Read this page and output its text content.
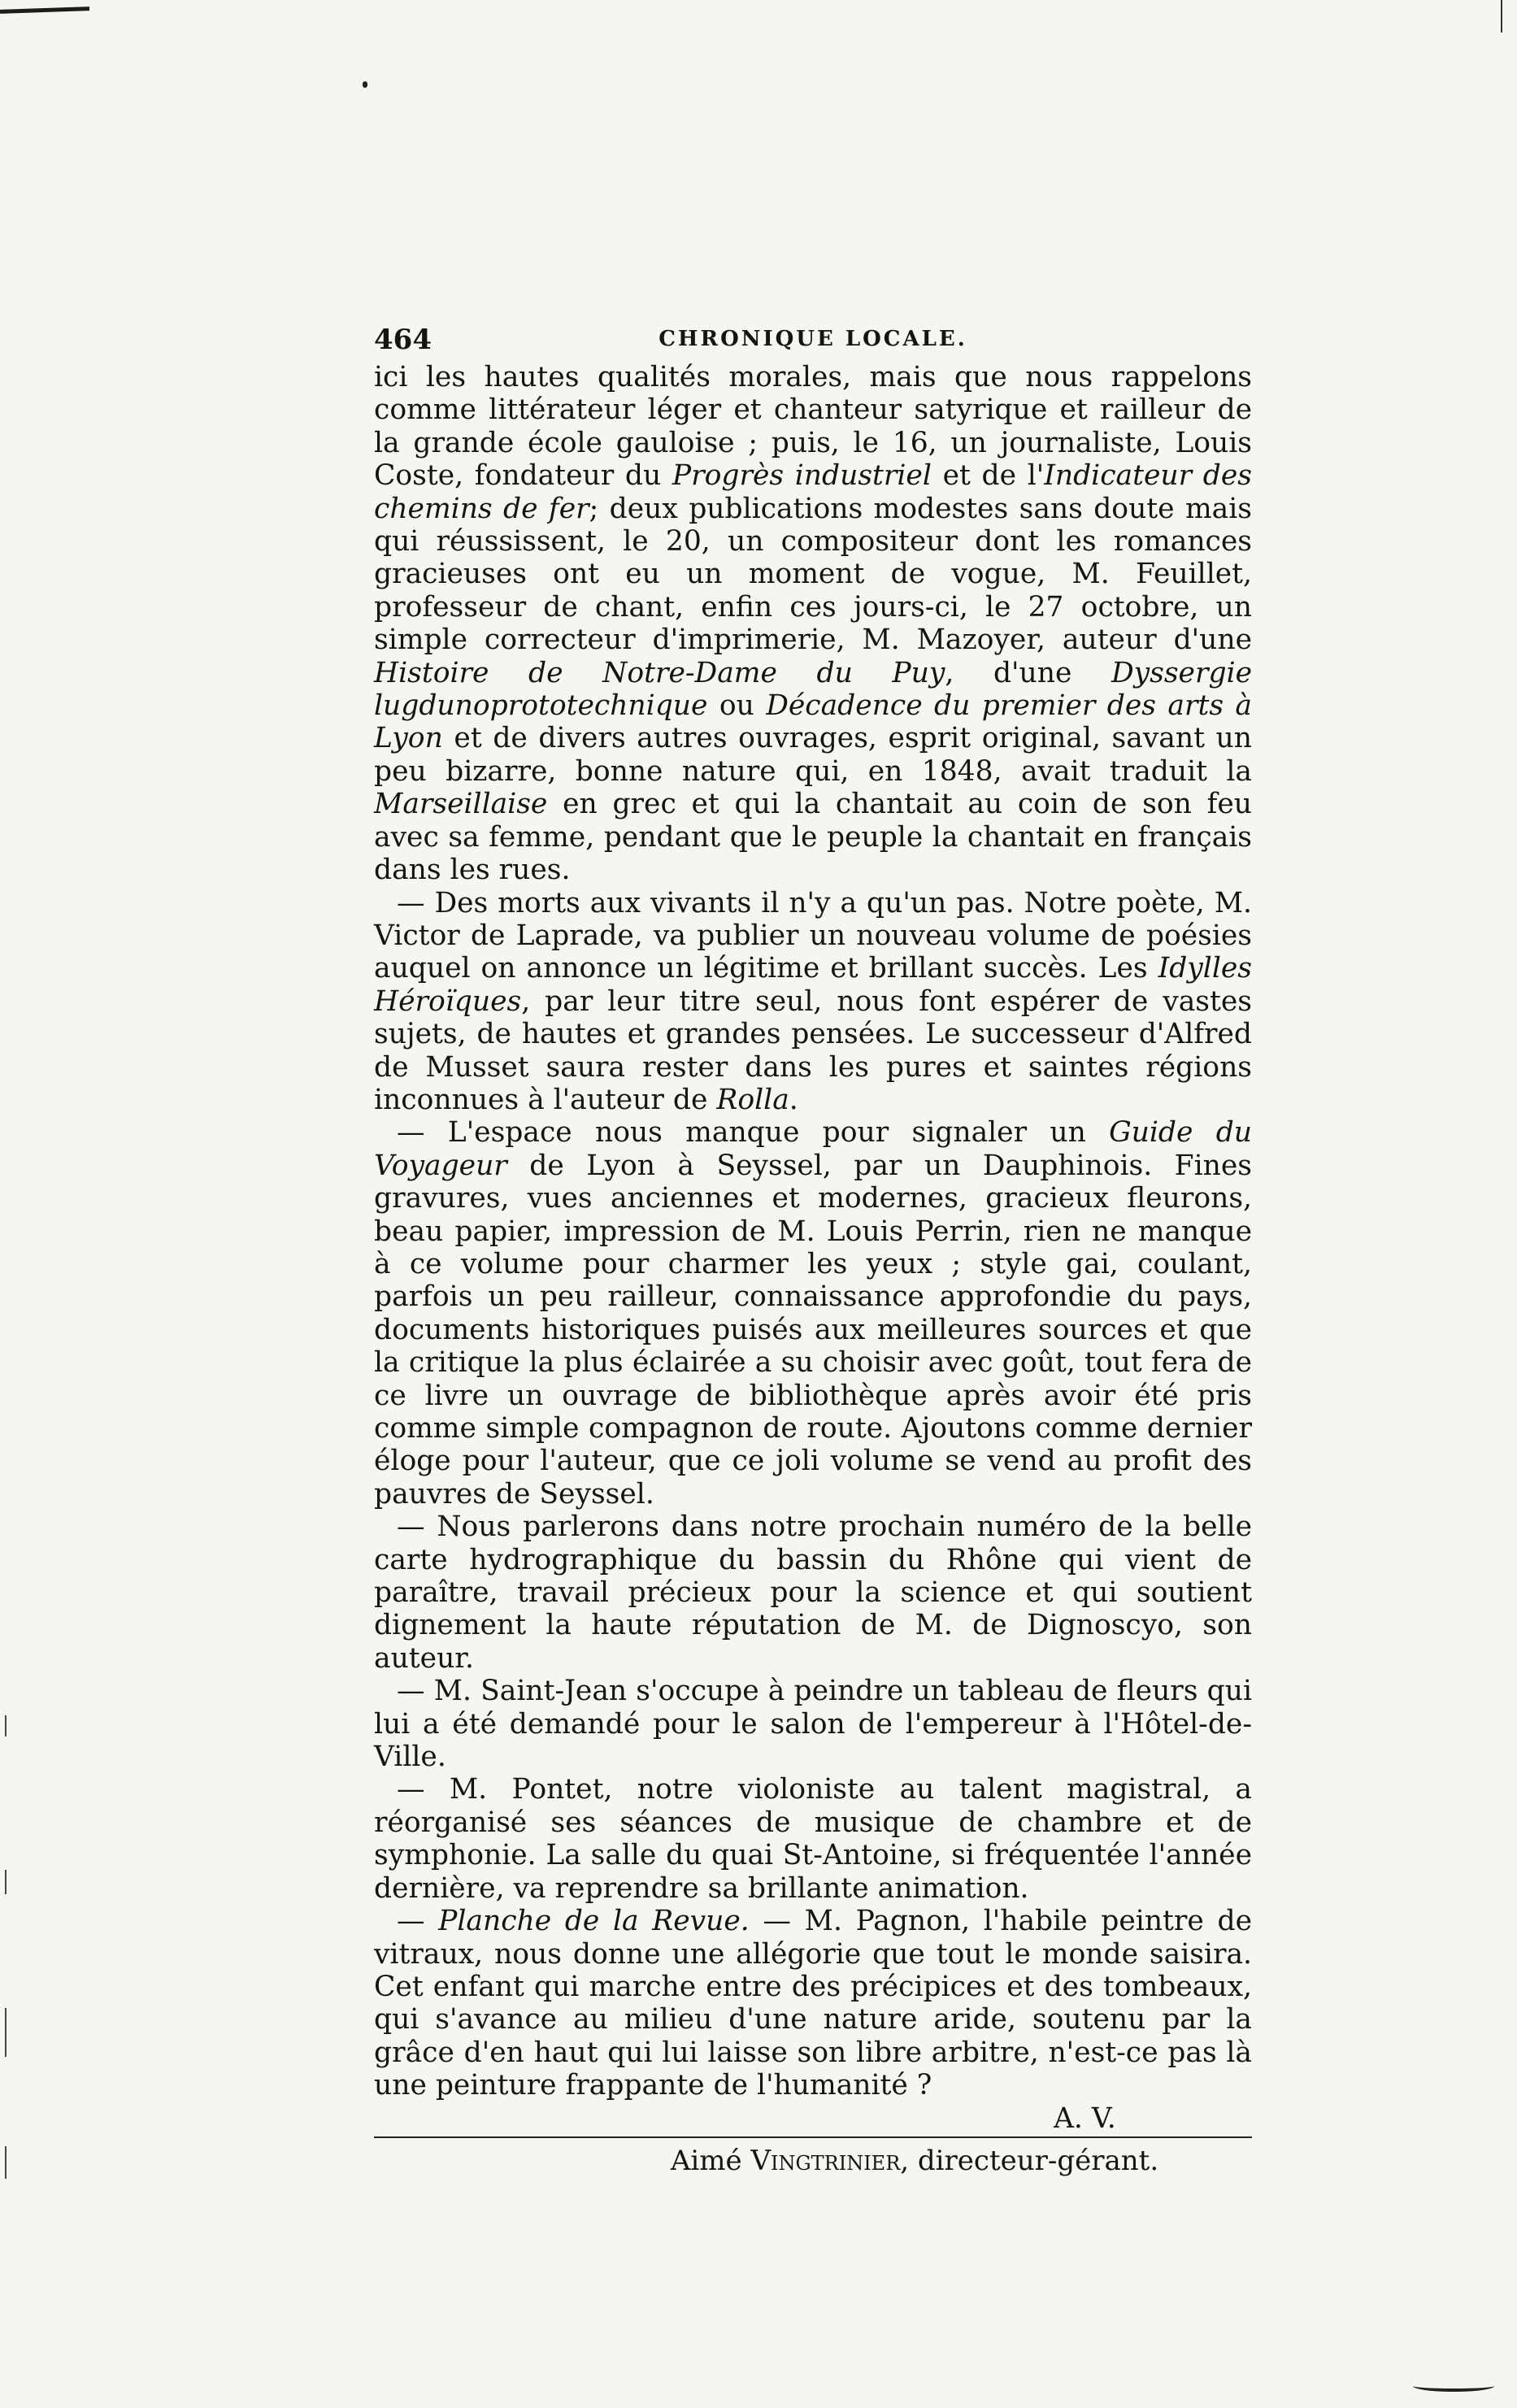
464	CHRONIQUE LOCALE.

ici les hautes qualités morales, mais que nous rappelons comme littérateur léger et chanteur satyrique et railleur de la grande école gauloise ; puis, le 16, un journaliste, Louis Coste, fondateur du Progrès industriel et de l'Indicateur des chemins de fer; deux publications modestes sans doute mais qui réussissent, le 20, un compositeur dont les romances gracieuses ont eu un moment de vogue, M. Feuillet, professeur de chant, enfin ces jours-ci, le 27 octobre, un simple correcteur d'imprimerie, M. Mazoyer, auteur d'une Histoire de Notre-Dame du Puy, d'une Dyssergie lugdunoprototechnique ou Décadence du premier des arts à Lyon et de divers autres ouvrages, esprit original, savant un peu bizarre, bonne nature qui, en 1848, avait traduit la Marseillaise en grec et qui la chantait au coin de son feu avec sa femme, pendant que le peuple la chantait en français dans les rues.

— Des morts aux vivants il n'y a qu'un pas. Notre poète, M. Victor de Laprade, va publier un nouveau volume de poésies auquel on annonce un légitime et brillant succès. Les Idylles Héroïques, par leur titre seul, nous font espérer de vastes sujets, de hautes et grandes pensées. Le successeur d'Alfred de Musset saura rester dans les pures et saintes régions inconnues à l'auteur de Rolla.

— L'espace nous manque pour signaler un Guide du Voyageur de Lyon à Seyssel, par un Dauphinois. Fines gravures, vues anciennes et modernes, gracieux fleurons, beau papier, impression de M. Louis Perrin, rien ne manque à ce volume pour charmer les yeux ; style gai, coulant, parfois un peu railleur, connaissance approfondie du pays, documents historiques puisés aux meilleures sources et que la critique la plus éclairée a su choisir avec goût, tout fera de ce livre un ouvrage de bibliothèque après avoir été pris comme simple compagnon de route. Ajoutons comme dernier éloge pour l'auteur, que ce joli volume se vend au profit des pauvres de Seyssel.

— Nous parlerons dans notre prochain numéro de la belle carte hydrographique du bassin du Rhône qui vient de paraître, travail précieux pour la science et qui soutient dignement la haute réputation de M. de Dignoscyo, son auteur.

— M. Saint-Jean s'occupe à peindre un tableau de fleurs qui lui a été demandé pour le salon de l'empereur à l'Hôtel-de-Ville.

— M. Pontet, notre violoniste au talent magistral, a réorganisé ses séances de musique de chambre et de symphonie. La salle du quai St-Antoine, si fréquentée l'année dernière, va reprendre sa brillante animation.

— Planche de la Revue. — M. Pagnon, l'habile peintre de vitraux, nous donne une allégorie que tout le monde saisira. Cet enfant qui marche entre des précipices et des tombeaux, qui s'avance au milieu d'une nature aride, soutenu par la grâce d'en haut qui lui laisse son libre arbitre, n'est-ce pas là une peinture frappante de l'humanité ?

A. V.
Aimé Vingtrinier, directeur-gérant.
